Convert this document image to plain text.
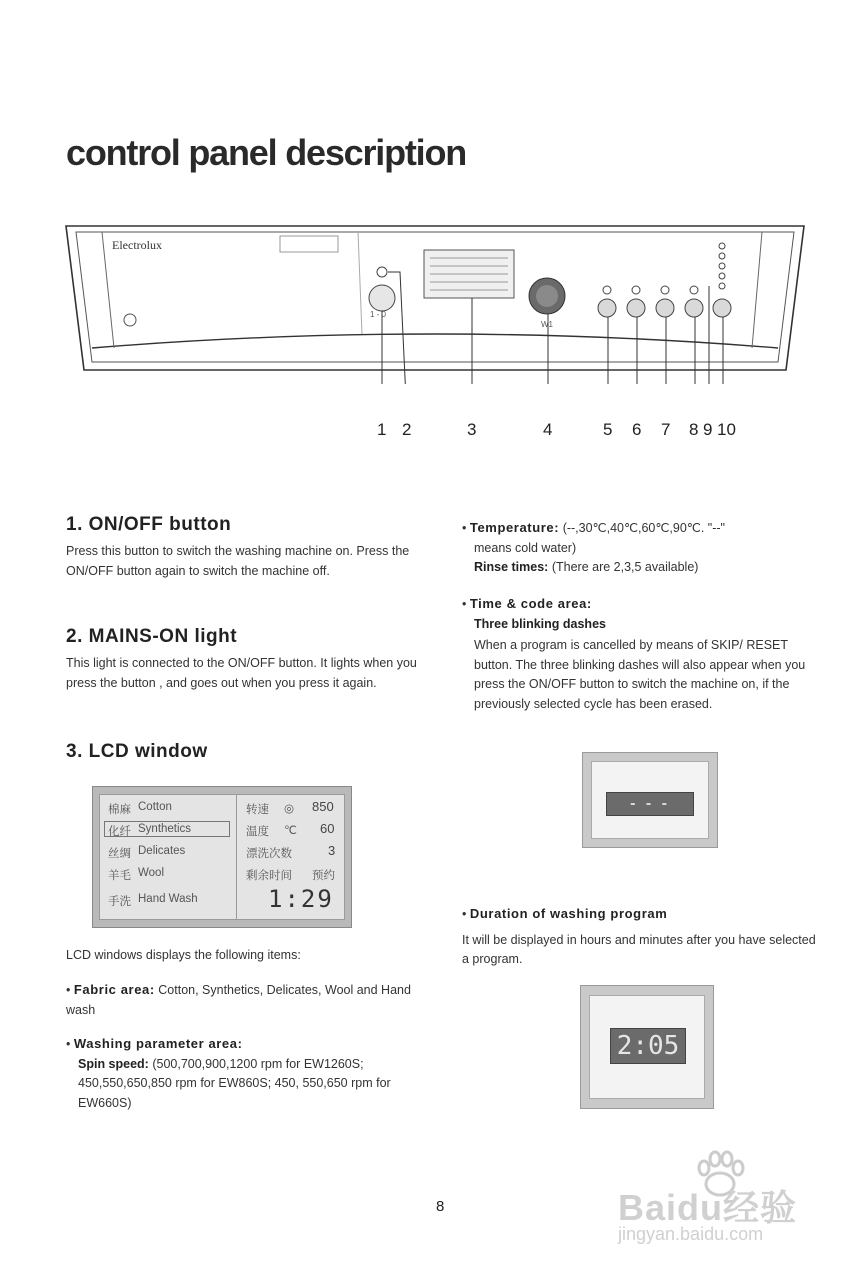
control panel description
Electrolux
1 - 0
W1
1 2	3	4	5 6 7 8 9 10
1. ON/OFF button
Press this button to switch the washing machine on. Press the ON/OFF button again to switch the machine off.
2. MAINS-ON light
This light is connected to the ON/OFF button. It lights when you press the button , and goes out when you press it again.
3. LCD window
棉麻 Cotton	转速 ◎ 850
化纤 Synthetics	温度 ℃ 60
丝绸 Delicates	漂洗次数	3
羊毛 Wool	剩余时间 预约
手洗 Hand Wash	1:29
LCD windows displays the following items:
• Fabric area: Cotton, Synthetics, Delicates, Wool and Hand wash
• Washing parameter area:
Spin speed: (500,700,900,1200 rpm for EW1260S; 450,550,650,850 rpm for EW860S; 450, 550,650 rpm for EW660S)
• Temperature: (--,30℃,40℃,60℃,90℃. "--"
means cold water)
Rinse times: (There are 2,3,5 available)
• Time & code area:
Three blinking dashes
When a program is cancelled by means of SKIP/ RESET button. The three blinking dashes will also appear when you press the ON/OFF button to switch the machine on, if the previously selected cycle has been erased.
- - -
• Duration of washing program
It will be displayed in hours and minutes after you have selected a program.
2:05
8	Baidu经验
jingyan.baidu.com
